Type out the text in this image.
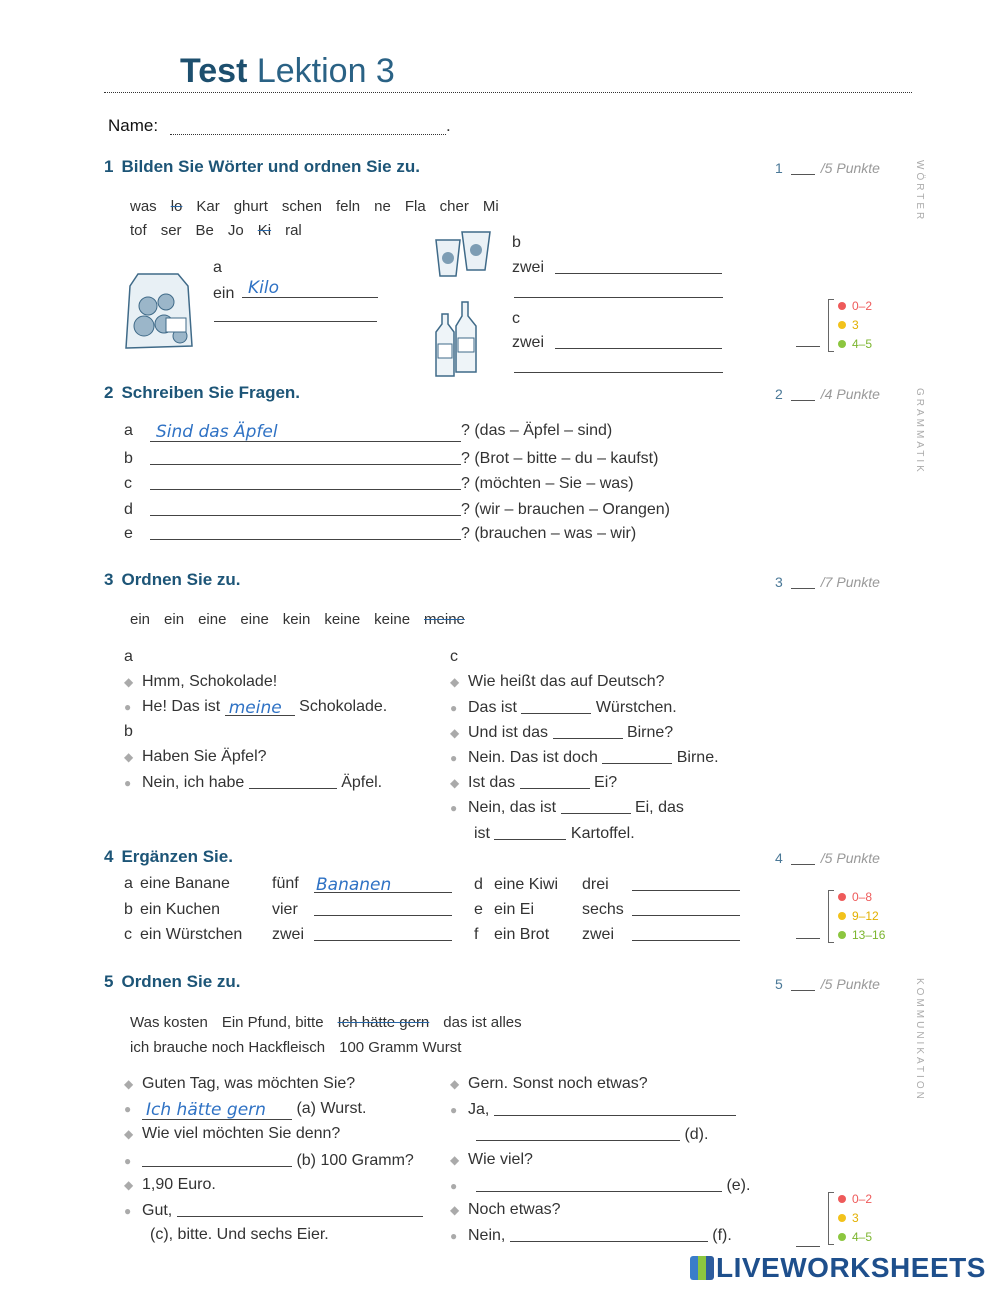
Test Lektion 3
Name:	.
1 Bilden Sie Wörter und ordnen Sie zu.	1	/5 Punkte	WÖRTER
was lo Kar ghurt schen feln ne Fla cher Mi
tof ser Be Jo Ki ral
a
ein Kilo
b
zwei
c
zwei
0–2
3
4–5
2 Schreiben Sie Fragen.	2	/4 Punkte	GRAMMATIK
a Sind das Äpfel	? (das – Äpfel – sind)
b	? (Brot – bitte – du – kaufst)
c	? (möchten – Sie – was)
d	? (wir – brauchen – Orangen)
e	? (brauchen – was – wir)
3 Ordnen Sie zu.	3	/7 Punkte
ein ein eine eine kein keine keine meine
a
◆ Hmm, Schokolade!
● He! Das ist meine Schokolade.
b
◆ Haben Sie Äpfel?
● Nein, ich habe	Äpfel.
c
◆ Wie heißt das auf Deutsch?
● Das ist	Würstchen.
◆ Und ist das	Birne?
● Nein. Das ist doch	Birne.
◆ Ist das	Ei?
● Nein, das ist	Ei, das
ist	Kartoffel.
4 Ergänzen Sie.	4	/5 Punkte
a eine Banane	fünf Bananen
b ein Kuchen	vier
c ein Würstchen zwei
d eine Kiwi drei
e ein Ei	sechs
f ein Brot zwei
0–8
9–12
13–16
5 Ordnen Sie zu.	5	/5 Punkte	KOMMUNIKATION
Was kosten Ein Pfund, bitte Ich hätte gern das ist alles
ich brauche noch Hackfleisch 100 Gramm Wurst
◆ Guten Tag, was möchten Sie?
● Ich hätte gern (a) Wurst.
◆ Wie viel möchten Sie denn?
●	(b) 100 Gramm?
◆ 1,90 Euro.
● Gut,
(c), bitte. Und sechs Eier.
◆ Gern. Sonst noch etwas?
● Ja,
(d).
◆ Wie viel?
●	(e).
◆ Noch etwas?
● Nein,	(f).
0–2
3
4–5
LIVEWORKSHEETS
